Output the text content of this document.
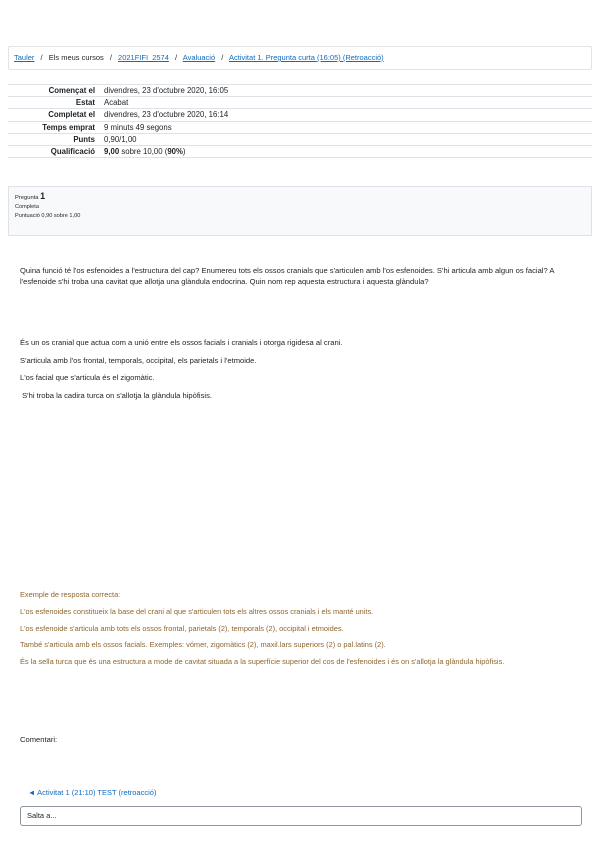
Tauler / Els meus cursos / 2021FIFI_2574 / Avaluació / Activitat 1. Pregunta curta (16:05) (Retroacció)
Començat el	divendres, 23 d'octubre 2020, 16:05
Estat	Acabat
Completat el	divendres, 23 d'octubre 2020, 16:14
Temps emprat	9 minuts 49 segons
Punts	0,90/1,00
Qualificació	9,00 sobre 10,00 (90%)
Pregunta 1
Completa
Puntuació 0,90 sobre 1,00
Quina funció té l'os esfenoides a l'estructura del cap? Enumereu tots els ossos cranials que s'articulen amb l'os esfenoides. S'hi articula amb algun os facial? A l'esfenoide s'hi troba una cavitat que allotja una glàndula endocrina. Quin nom rep aquesta estructura i aquesta glàndula?

És un os cranial que actua com a unió entre els ossos facials i cranials i otorga rigidesa al crani.

S'articula amb l'os frontal, temporals, occipital, els parietals i l'etmoide.

L'os facial que s'articula és el zigomàtic.

S'hi troba la cadira turca on s'allotja la glàndula hipòfisis.

Exemple de resposta correcta:

L'os esfenoides constitueix la base del crani al que s'articulen tots els altres ossos cranials i els manté units.

L'os esfenoide s'articula amb tots els ossos frontal, parietals (2), temporals (2), occipital i etmoides.

També s'articula amb els ossos facials. Exemples: vómer, zigomàtics (2), maxil.lars superiors (2) o pal.latins (2).

És la sella turca que és una estructura a mode de cavitat situada a la superfície superior del cos de l'esfenoides i és on s'allotja la glàndula hipòfisis.

Comentari:
◄ Activitat 1 (21:10) TEST (retroacció)
Salta a...
